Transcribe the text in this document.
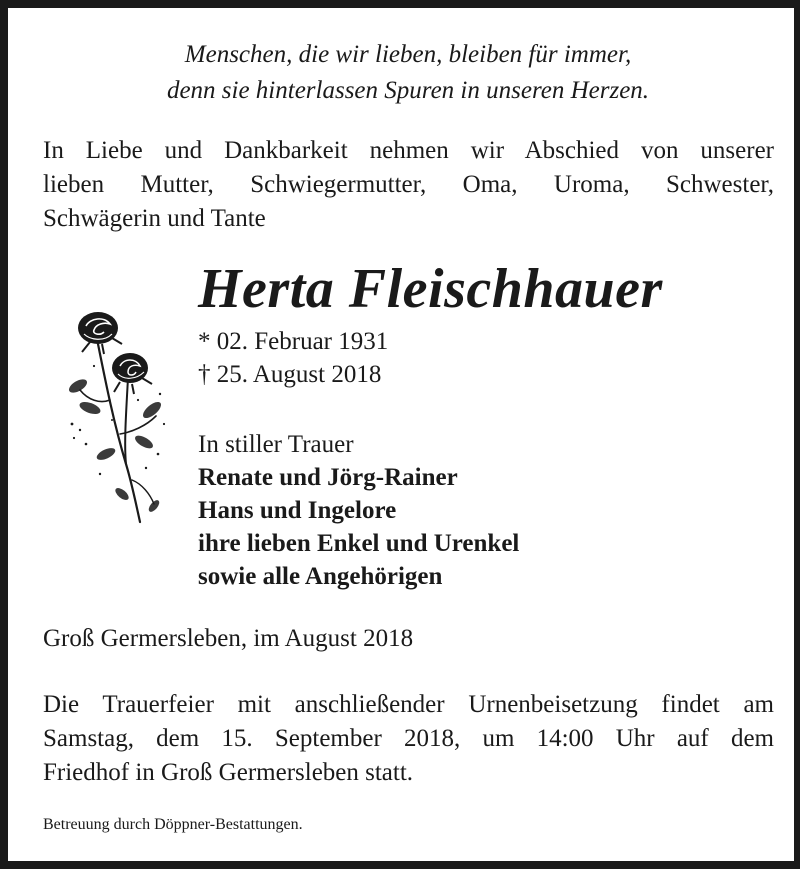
Menschen, die wir lieben, bleiben für immer,
denn sie hinterlassen Spuren in unseren Herzen.
In Liebe und Dankbarkeit nehmen wir Abschied von unserer
lieben Mutter, Schwiegermutter, Oma, Uroma, Schwester,
Schwägerin und Tante
Herta Fleischhauer
* 02. Februar 1931
† 25. August 2018
In stiller Trauer
Renate und Jörg-Rainer
Hans und Ingelore
ihre lieben Enkel und Urenkel
sowie alle Angehörigen
Groß Germersleben, im August 2018
Die Trauerfeier mit anschließender Urnenbeisetzung findet am
Samstag, dem 15. September 2018, um 14:00 Uhr auf dem
Friedhof in Groß Germersleben statt.
Betreuung durch Döppner-Bestattungen.
